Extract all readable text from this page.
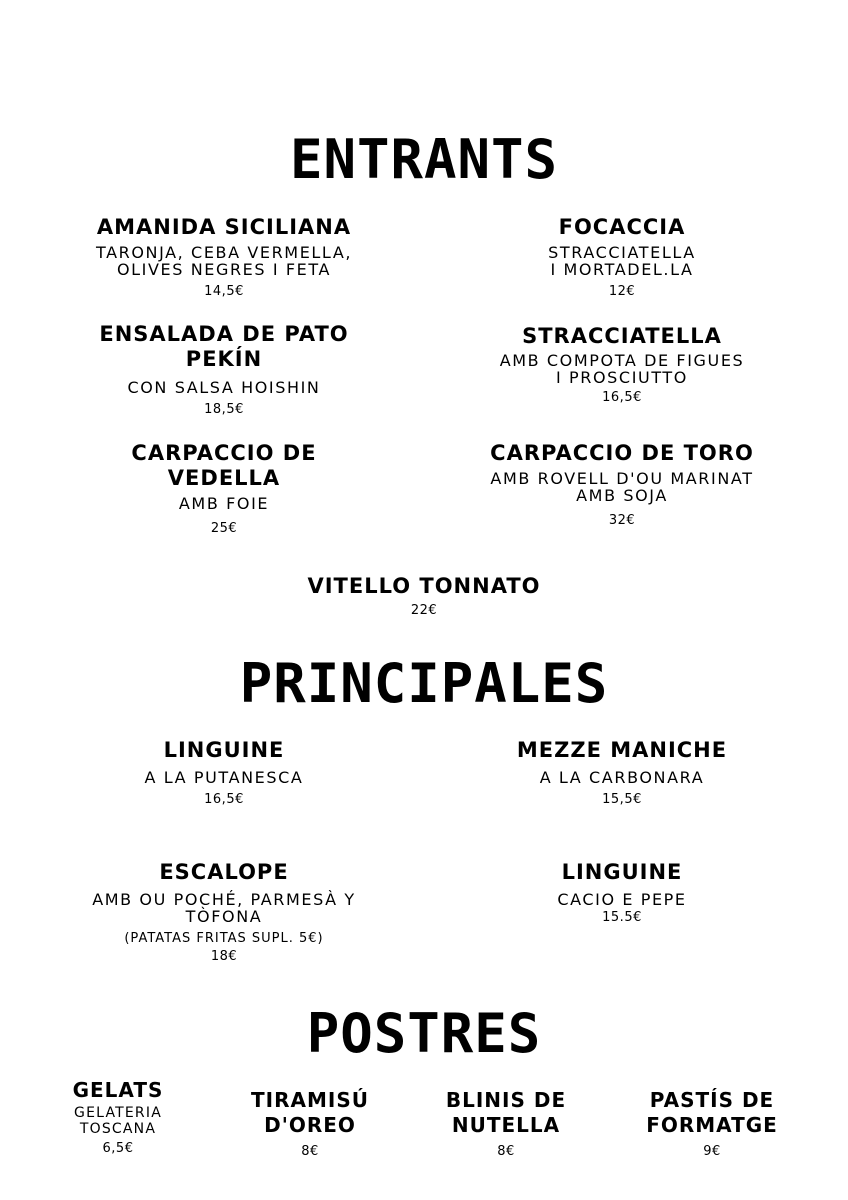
ENTRANTS
AMANIDA SICILIANA
TARONJA, CEBA VERMELLA,
OLIVES NEGRES I FETA
14,5€
FOCACCIA
STRACCIATELLA
I MORTADEL.LA
12€
ENSALADA DE PATO
PEKÍN
CON SALSA HOISHIN
18,5€
STRACCIATELLA
AMB COMPOTA DE FIGUES
I PROSCIUTTO
16,5€
CARPACCIO DE
VEDELLA
AMB FOIE
25€
CARPACCIO DE TORO
AMB ROVELL D'OU MARINAT
AMB SOJA
32€
VITELLO TONNATO
22€
PRINCIPALES
LINGUINE
A LA PUTANESCA
16,5€
MEZZE MANICHE
A LA CARBONARA
15,5€
ESCALOPE
AMB OU POCHÉ, PARMESÀ Y
TÒFONA
(PATATAS FRITAS SUPL. 5€)
18€
LINGUINE
CACIO E PEPE
15.5€
POSTRES
GELATS
GELATERIA
TOSCANA
6,5€
TIRAMISÚ
D'OREO
8€
BLINIS DE
NUTELLA
8€
PASTÍS DE
FORMATGE
9€
